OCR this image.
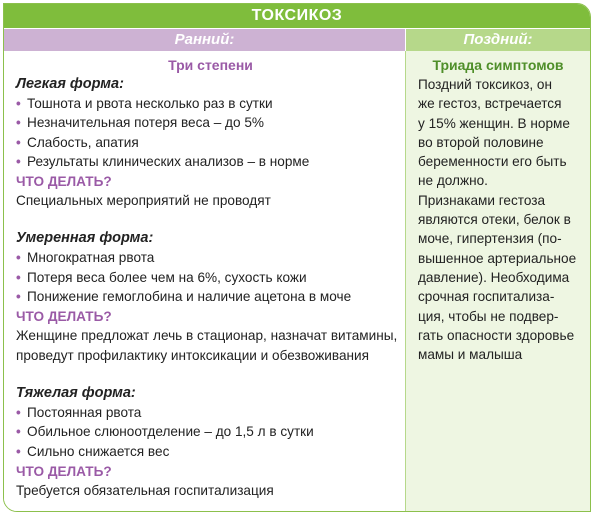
ТОКСИКОЗ
Ранний:	Поздний:
Три степени
Легкая форма:
• Тошнота и рвота несколько раз в сутки
• Незначительная потеря веса – до 5%
• Слабость, апатия
• Результаты клинических анализов – в норме
ЧТО ДЕЛАТЬ?
Специальных мероприятий не проводят
Умеренная форма:
• Многократная рвота
• Потеря веса более чем на 6%, сухость кожи
• Понижение гемоглобина и наличие ацетона в моче
ЧТО ДЕЛАТЬ?
Женщине предложат лечь в стационар, назначат витамины,
проведут профилактику интоксикации и обезвоживания
Тяжелая форма:
• Постоянная рвота
• Обильное слюноотделение – до 1,5 л в сутки
• Сильно снижается вес
ЧТО ДЕЛАТЬ?
Требуется обязательная госпитализация
Триада симптомов
Поздний токсикоз, он
же гестоз, встречается
у 15% женщин. В норме
во второй половине
беременности его быть
не должно.
Признаками гестоза
являются отеки, белок в
моче, гипертензия (по-
вышенное артериальное
давление). Необходима
срочная госпитализа-
ция, чтобы не подвер-
гать опасности здоровье
мамы и малыша
